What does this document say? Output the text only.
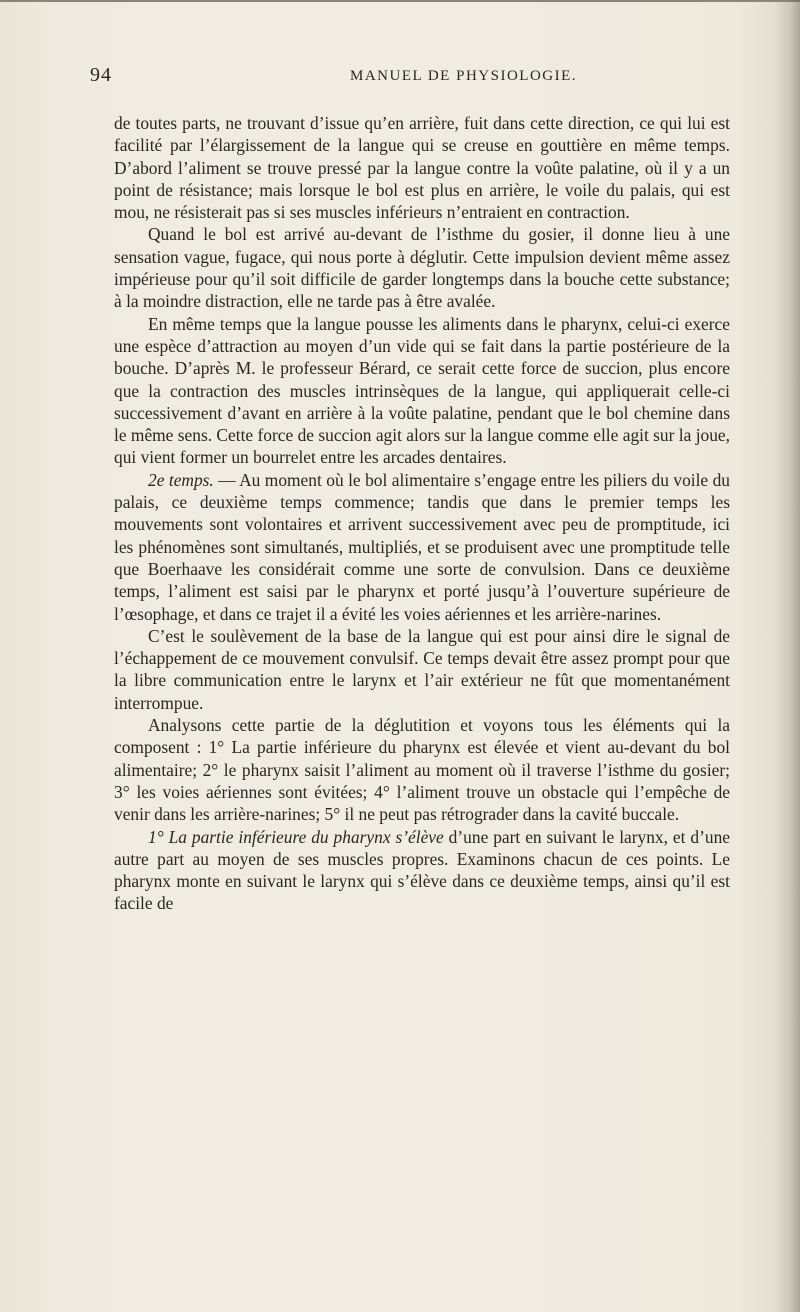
94	MANUEL DE PHYSIOLOGIE.

de toutes parts, ne trouvant d’issue qu’en arrière, fuit dans cette direction, ce qui lui est facilité par l’élargissement de la langue qui se creuse en gouttière en même temps. D’abord l’aliment se trouve pressé par la langue contre la voûte palatine, où il y a un point de résistance; mais lorsque le bol est plus en arrière, le voile du palais, qui est mou, ne résisterait pas si ses muscles inférieurs n’entraient en contraction.

Quand le bol est arrivé au-devant de l’isthme du gosier, il donne lieu à une sensation vague, fugace, qui nous porte à déglutir. Cette impulsion devient même assez impérieuse pour qu’il soit difficile de garder longtemps dans la bouche cette substance; à la moindre distraction, elle ne tarde pas à être avalée.

En même temps que la langue pousse les aliments dans le pharynx, celui-ci exerce une espèce d’attraction au moyen d’un vide qui se fait dans la partie postérieure de la bouche. D’après M. le professeur Bérard, ce serait cette force de succion, plus encore que la contraction des muscles intrinsèques de la langue, qui appliquerait celle-ci successivement d’avant en arrière à la voûte palatine, pendant que le bol chemine dans le même sens. Cette force de succion agit alors sur la langue comme elle agit sur la joue, qui vient former un bourrelet entre les arcades dentaires.

2e temps. — Au moment où le bol alimentaire s’engage entre les piliers du voile du palais, ce deuxième temps commence; tandis que dans le premier temps les mouvements sont volontaires et arrivent successivement avec peu de promptitude, ici les phénomènes sont simultanés, multipliés, et se produisent avec une promptitude telle que Boerhaave les considérait comme une sorte de convulsion. Dans ce deuxième temps, l’aliment est saisi par le pharynx et porté jusqu’à l’ouverture supérieure de l’œsophage, et dans ce trajet il a évité les voies aériennes et les arrière-narines.

C’est le soulèvement de la base de la langue qui est pour ainsi dire le signal de l’échappement de ce mouvement convulsif. Ce temps devait être assez prompt pour que la libre communication entre le larynx et l’air extérieur ne fût que momentanément interrompue.

Analysons cette partie de la déglutition et voyons tous les éléments qui la composent : 1° La partie inférieure du pharynx est élevée et vient au-devant du bol alimentaire; 2° le pharynx saisit l’aliment au moment où il traverse l’isthme du gosier; 3° les voies aériennes sont évitées; 4° l’aliment trouve un obstacle qui l’empêche de venir dans les arrière-narines; 5° il ne peut pas rétrograder dans la cavité buccale.

1° La partie inférieure du pharynx s’élève d’une part en suivant le larynx, et d’une autre part au moyen de ses muscles propres. Examinons chacun de ces points. Le pharynx monte en suivant le larynx qui s’élève dans ce deuxième temps, ainsi qu’il est facile de
